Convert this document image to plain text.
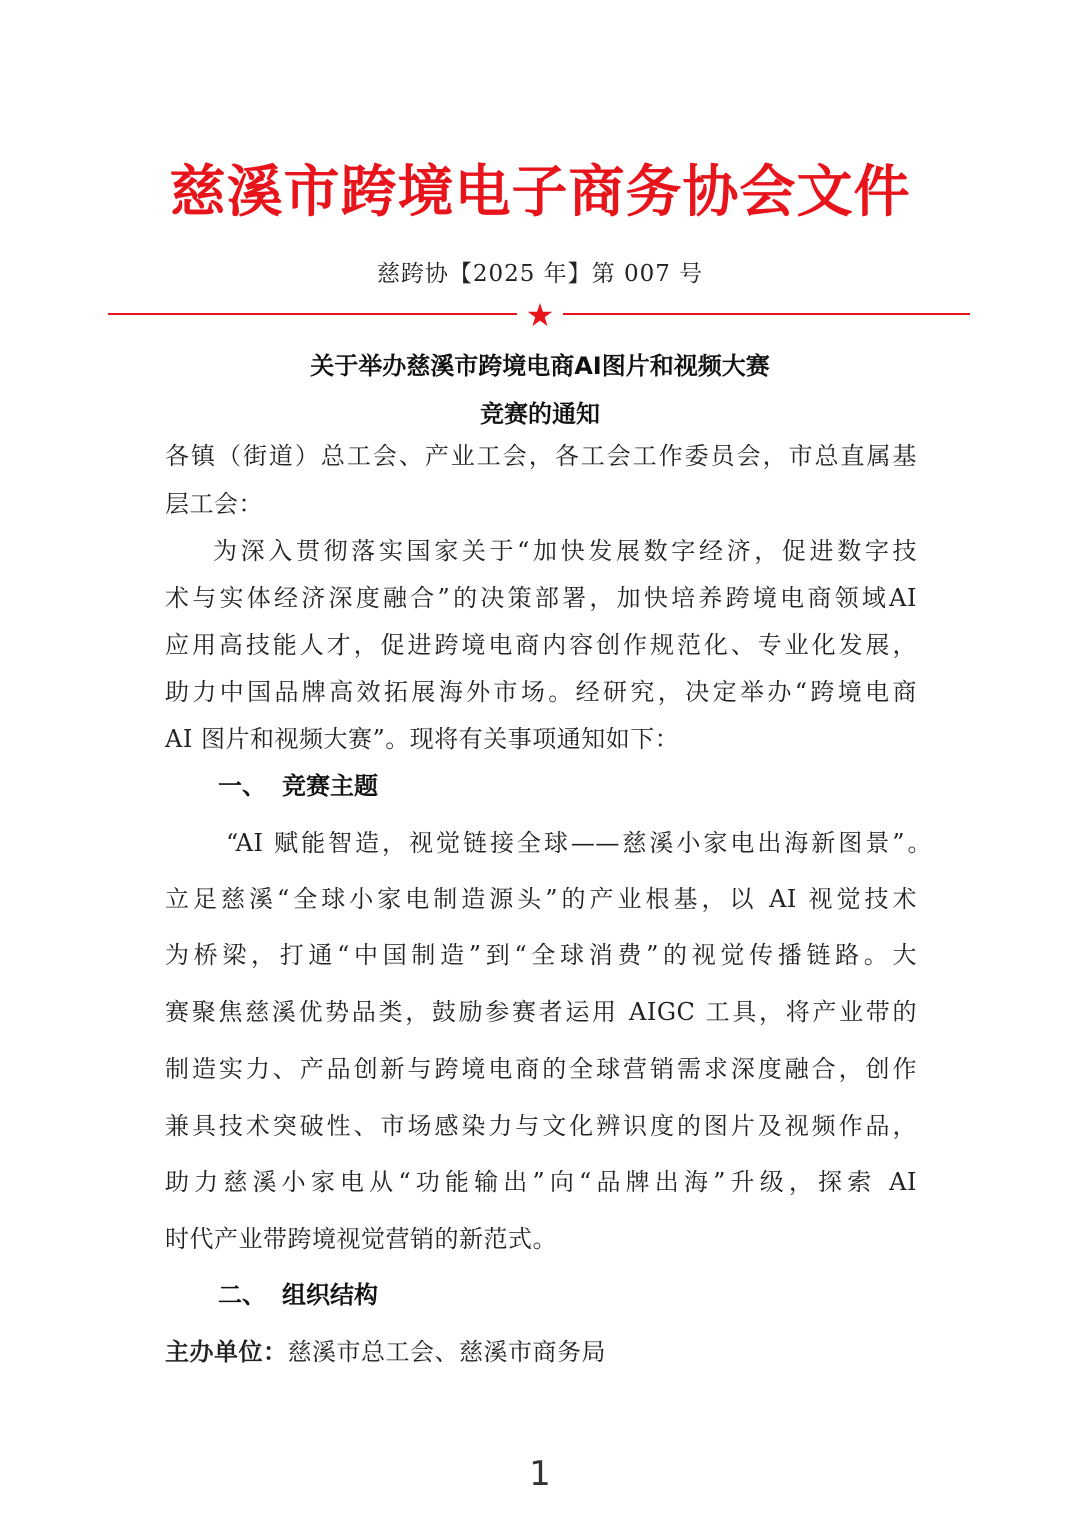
慈溪市跨境电子商务协会文件
慈跨协【2025 年】第 007 号
★
关于举办慈溪市跨境电商AI图片和视频大赛
竞赛的通知
各镇（街道）总工会、产业工会，各工会工作委员会，市总直属基
层工会：
为深入贯彻落实国家关于“加快发展数字经济，促进数字技
术与实体经济深度融合”的决策部署，加快培养跨境电商领域AI
应用高技能人才，促进跨境电商内容创作规范化、专业化发展，
助力中国品牌高效拓展海外市场。经研究，决定举办“跨境电商
AI 图片和视频大赛”。现将有关事项通知如下：
一、 竞赛主题
“AI 赋能智造，视觉链接全球——慈溪小家电出海新图景”。
立足慈溪“全球小家电制造源头”的产业根基，以 AI 视觉技术
为桥梁，打通“中国制造”到“全球消费”的视觉传播链路。大
赛聚焦慈溪优势品类，鼓励参赛者运用 AIGC 工具，将产业带的
制造实力、产品创新与跨境电商的全球营销需求深度融合，创作
兼具技术突破性、市场感染力与文化辨识度的图片及视频作品，
助力慈溪小家电从“功能输出”向“品牌出海”升级，探索 AI
时代产业带跨境视觉营销的新范式。
二、 组织结构
主办单位：慈溪市总工会、慈溪市商务局
1
